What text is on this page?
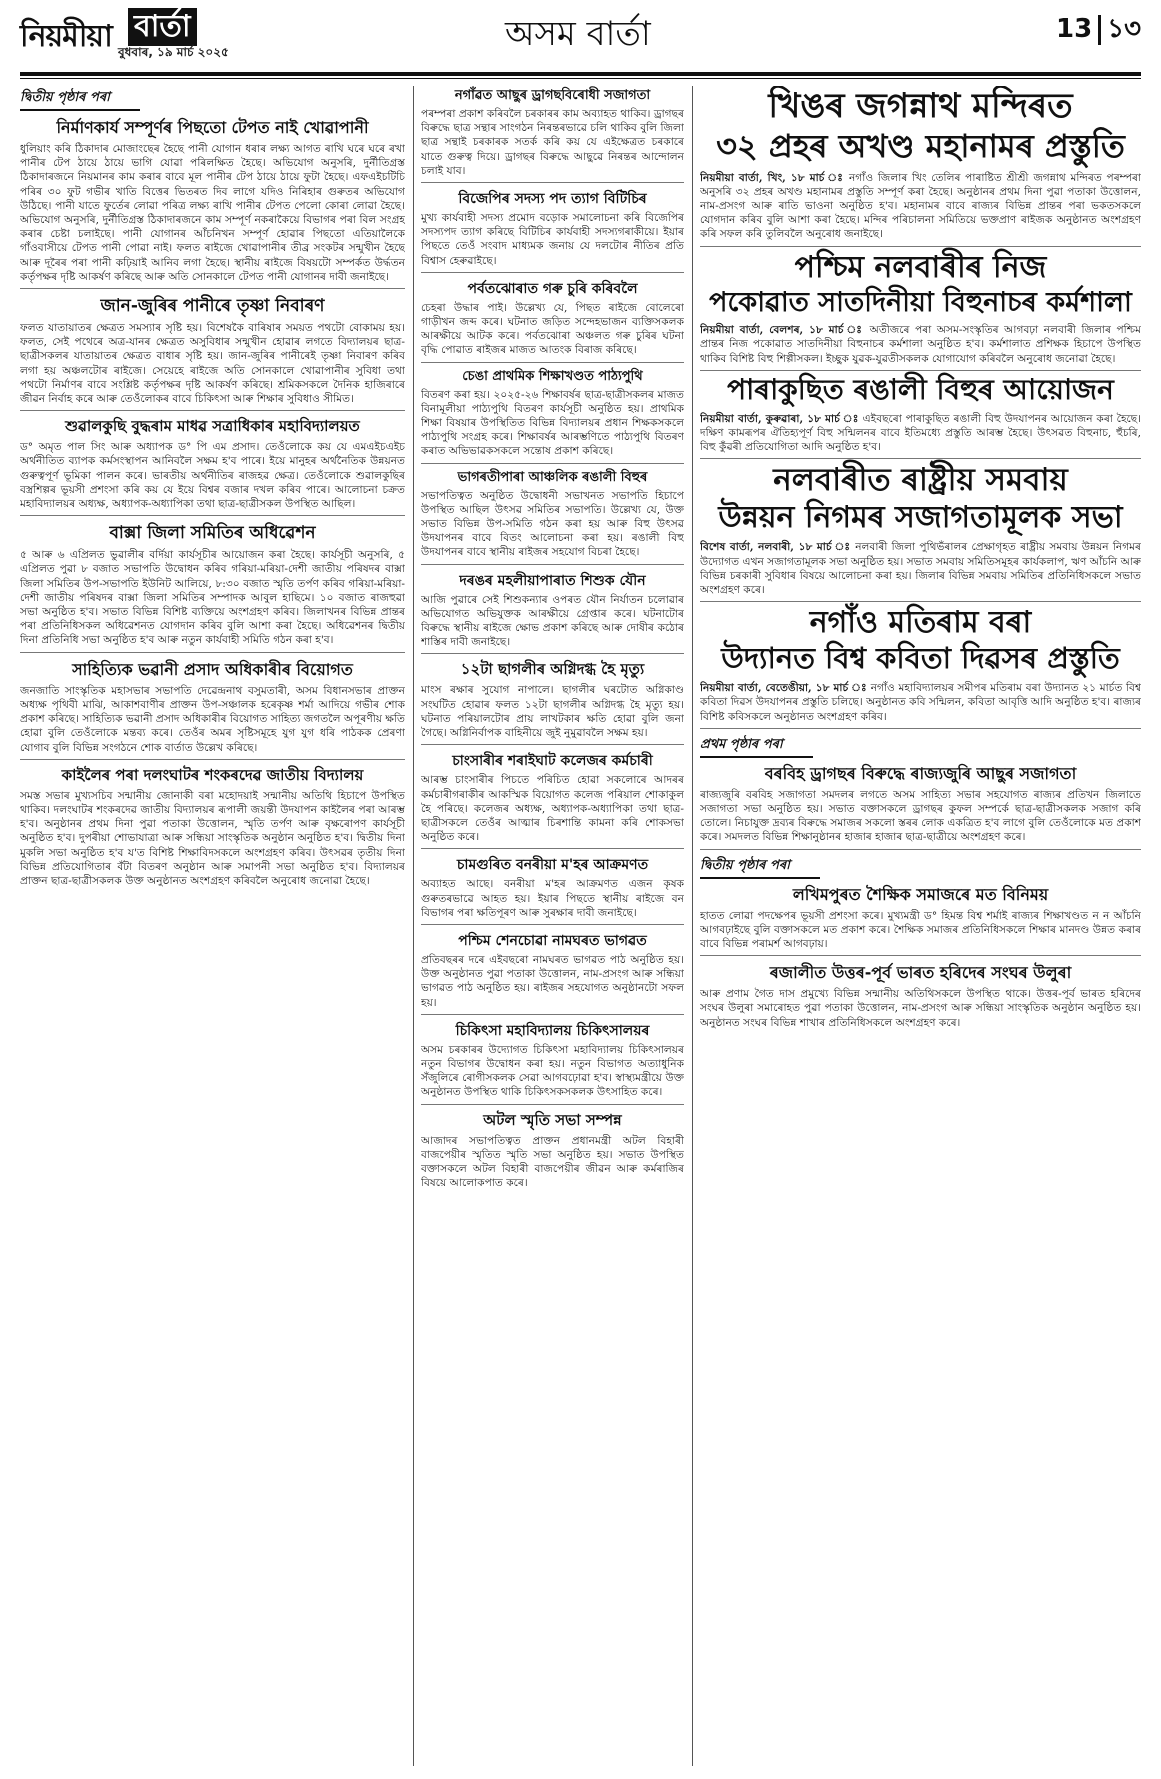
নিয়মীয়া বাৰ্তা
বুধবাৰ, ১৯ মাৰ্চ ২০২৫	অসম বাৰ্তা	13 ১৩
দ্বিতীয় পৃষ্ঠাৰ পৰা
নিৰ্মাণকাৰ্য সম্পূৰ্ণৰ পিছতো টেপত নাই খোৱাপানী

ধুলিয়াং কৰি ঠিকাদাৰ মোজাংছেৰ হৈছে পানী যোগান ধৰাৰ লক্ষ্য আগত ৰাখি ঘৰে ঘৰে ৰখা পানীৰ টেপ ঠায়ে ঠায়ে ভাগি যোৱা পৰিলক্ষিত হৈছে। অভিযোগ অনুসৰি, দুৰ্নীতিগ্ৰস্ত ঠিকাদাৰজনে নিয়মানৰ কাম কৰাৰ বাবে মূল পানীৰ টেপ ঠায়ে ঠায়ে ফুটা হৈছে। এফএইচটিচি পৰিৰ ৩০ ফুট গভীৰ খাতি বিত্তেৰ ভিতৰত দিব লাগে যদিও নিৰিহাৰ গুৰুতৰ অভিযোগ উঠিছে। পানী যাতে ফুৰ্তেৰ লোৱা পৰিত্ৰ লক্ষ্য ৰাখি পানীৰ টেপত পেলো কোৰা লোৱা হৈছে। অভিযোগ অনুসৰি, দুৰ্নীতিগ্ৰস্ত ঠিকাদাৰজনে কাম সম্পূৰ্ণ নকৰাকৈয়ে বিভাগৰ পৰা বিল সংগ্ৰহ কৰাৰ চেষ্টা চলাইছে। পানী যোগানৰ আঁচনিখন সম্পূৰ্ণ হোৱাৰ পিছতো এতিয়ালৈকে গাঁওবাসীয়ে টেপত পানী পোৱা নাই। ফলত ৰাইজে খোৱাপানীৰ তীব্ৰ সংকটৰ সন্মুখীন হৈছে আৰু দূৰৈৰ পৰা পানী কঢ়িয়াই আনিব লগা হৈছে। স্থানীয় ৰাইজে বিষয়টো সম্পৰ্কত উৰ্দ্ধতন কৰ্তৃপক্ষৰ দৃষ্টি আকৰ্ষণ কৰিছে আৰু অতি সোনকালে টেপত পানী যোগানৰ দাবী জনাইছে।

জান-জুৰিৰ পানীৰে তৃষ্ণা নিবাৰণ

ফলত যাতায়াতৰ ক্ষেত্ৰত সমস্যাৰ সৃষ্টি হয়। বিশেষকৈ বাৰিষাৰ সময়ত পথটো বোকাময় হয়। ফলত, সেই পথেৰে অত্ৰ-যানৰ ক্ষেত্ৰত অসুবিধাৰ সন্মুখীন হোৱাৰ লগতে বিদ্যালয়ৰ ছাত্ৰ-ছাত্ৰীসকলৰ যাতায়াতৰ ক্ষেত্ৰত বাধাৰ সৃষ্টি হয়। জান-জুৰিৰ পানীৰেই তৃষ্ণা নিবাৰণ কৰিব লগা হয় অঞ্চলটোৰ ৰাইজে। সেয়েহে ৰাইজে অতি সোনকালে খোৱাপানীৰ সুবিধা তথা পথটো নিৰ্মাণৰ বাবে সংশ্লিষ্ট কৰ্তৃপক্ষৰ দৃষ্টি আকৰ্ষণ কৰিছে। শ্ৰমিকসকলে দৈনিক হাজিৰাৰে জীৱন নিৰ্বাহ কৰে আৰু তেওঁলোকৰ বাবে চিকিৎসা আৰু শিক্ষাৰ সুবিধাও সীমিত।

শুৱালকুছি বুদ্ধৰাম মাধৱ সত্ৰাধিকাৰ মহাবিদ্যালয়ত

ড° অমৃত পাল সিং আৰু অধ্যাপক ড° পি এম প্ৰসাদ। তেওঁলোকে কয় যে এমএইচএইচ অৰ্থনীতিত ব্যাপক কৰ্মসংস্থাপন আনিবলৈ সক্ষম হ'ব পাৰে। ইয়ে মানুহৰ অৰ্থনৈতিক উন্নয়নত গুৰুত্বপূৰ্ণ ভূমিকা পালন কৰে। ভাৰতীয় অৰ্থনীতিৰ ৰাজহৱ ক্ষেত্ৰ। তেওঁলোকে শুৱালকুছিৰ বস্ত্ৰশিল্পৰ ভূয়সী প্ৰশংসা কৰি কয় যে ইয়ে বিশ্বৰ বজাৰ দখল কৰিব পাৰে। আলোচনা চক্ৰত মহাবিদ্যালয়ৰ অধ্যক্ষ, অধ্যাপক-অধ্যাপিকা তথা ছাত্ৰ-ছাত্ৰীসকল উপস্থিত আছিল।

বাক্সা জিলা সমিতিৰ অধিৱেশন

৫ আৰু ৬ এপ্ৰিলত ভুৱালীৰ বৰ্দিয়া কাৰ্যসূচীৰ আয়োজন কৰা হৈছে। কাৰ্যসূচী অনুসৰি, ৫ এপ্ৰিলত পুৱা ৮ বজাত সভাপতি উদ্বোধন কৰিব গৰিয়া-মৰিয়া-দেশী জাতীয় পৰিষদৰ বাক্সা জিলা সমিতিৰ উপ-সভাপতি ইউনিট আলিয়ে, ৮:৩০ বজাত স্মৃতি তৰ্পণ কৰিব গৰিয়া-মৰিয়া-দেশী জাতীয় পৰিষদৰ বাক্সা জিলা সমিতিৰ সম্পাদক আবুল হাছিমে। ১০ বজাত ৰাজহুৱা সভা অনুষ্ঠিত হ'ব। সভাত বিভিন্ন বিশিষ্ট ব্যক্তিয়ে অংশগ্ৰহণ কৰিব। জিলাখনৰ বিভিন্ন প্ৰান্তৰ পৰা প্ৰতিনিধিসকল অধিৱেশনত যোগদান কৰিব বুলি আশা কৰা হৈছে। অধিৱেশনৰ দ্বিতীয় দিনা প্ৰতিনিধি সভা অনুষ্ঠিত হ'ব আৰু নতুন কাৰ্যবাহী সমিতি গঠন কৰা হ'ব।

সাহিত্যিক ভৱানী প্ৰসাদ অধিকাৰীৰ বিয়োগত

জনজাতি সাংস্কৃতিক মহাসভাৰ সভাপতি দেৱেন্দ্ৰনাথ বসুমতাৰী, অসম বিধানসভাৰ প্ৰাক্তন অধ্যক্ষ পৃথিবী মাঝি, আকাশবাণীৰ প্ৰাক্তন উপ-সঞ্চালক হৰেকৃষ্ণ শৰ্মা আদিয়ে গভীৰ শোক প্ৰকাশ কৰিছে। সাহিত্যিক ভৱানী প্ৰসাদ অধিকাৰীৰ বিয়োগত সাহিত্য জগতলৈ অপূৰণীয় ক্ষতি হোৱা বুলি তেওঁলোকে মন্তব্য কৰে। তেওঁৰ অমৰ সৃষ্টিসমূহে যুগ যুগ ধৰি পাঠকক প্ৰেৰণা যোগাব বুলি বিভিন্ন সংগঠনে শোক বাৰ্তাত উল্লেখ কৰিছে।

কাইলৈৰ পৰা দলংঘাটৰ শংকৰদেৱ জাতীয় বিদ্যালয়

সমস্ত সভাৰ মুখ্যসচিব সন্মানীয় জোনাকী বৰা মহোদয়াই সন্মানীয় অতিথি হিচাপে উপস্থিত থাকিব। দলংঘাটৰ শংকৰদেৱ জাতীয় বিদ্যালয়ৰ ৰূপালী জয়ন্তী উদযাপন কাইলৈৰ পৰা আৰম্ভ হ'ব। অনুষ্ঠানৰ প্ৰথম দিনা পুৱা পতাকা উত্তোলন, স্মৃতি তৰ্পণ আৰু বৃক্ষৰোপণ কাৰ্যসূচী অনুষ্ঠিত হ'ব। দুপৰীয়া শোভাযাত্ৰা আৰু সন্ধিয়া সাংস্কৃতিক অনুষ্ঠান অনুষ্ঠিত হ'ব। দ্বিতীয় দিনা মুকলি সভা অনুষ্ঠিত হ'ব য'ত বিশিষ্ট শিক্ষাবিদসকলে অংশগ্ৰহণ কৰিব। উৎসৱৰ তৃতীয় দিনা বিভিন্ন প্ৰতিযোগিতাৰ বঁটা বিতৰণ অনুষ্ঠান আৰু সমাপনী সভা অনুষ্ঠিত হ'ব। বিদ্যালয়ৰ প্ৰাক্তন ছাত্ৰ-ছাত্ৰীসকলক উক্ত অনুষ্ঠানত অংশগ্ৰহণ কৰিবলৈ অনুৰোধ জনোৱা হৈছে।

নগাঁৱত আছুৰ ড্ৰাগছবিৰোধী সজাগতা

পৰম্পৰা প্ৰকাশ কৰিবলৈ চৰকাৰৰ কাম অব্যাহত থাকিব। ড্ৰাগছৰ বিৰুদ্ধে ছাত্ৰ সন্থাৰ সাংগঠন নিৰন্তৰভাৱে চলি থাকিব বুলি জিলা ছাত্ৰ সন্থাই চৰকাৰক সতৰ্ক কৰি কয় যে এইক্ষেত্ৰত চৰকাৰে যাতে গুৰুত্ব দিয়ে। ড্ৰাগছৰ বিৰুদ্ধে আছুৱে নিৰন্তৰ আন্দোলন চলাই যাব।

বিজেপিৰ সদস্য পদ ত্যাগ বিটিচিৰ

মুখ্য কাৰ্যবাহী সদস্য প্ৰমোদ বড়োক সমালোচনা কৰি বিজেপিৰ সদস্যপদ ত্যাগ কৰিছে বিটিচিৰ কাৰ্যবাহী সদস্যগৰাকীয়ে। ইয়াৰ পিছতে তেওঁ সংবাদ মাধ্যমক জনায় যে দলটোৰ নীতিৰ প্ৰতি বিশ্বাস হেৰুৱাইছে।

পৰ্বতঝোৰাত গৰু চুৰি কৰিবলৈ

চেহৰা উদ্ধাৰ পাই। উল্লেখ্য যে, পিছত ৰাইজে বোলেৰো গাড়ীখন জব্দ কৰে। ঘটনাত জড়িত সন্দেহভাজন ব্যক্তিসকলক আৰক্ষীয়ে আটক কৰে। পৰ্বতঝোৰা অঞ্চলত গৰু চুৰিৰ ঘটনা বৃদ্ধি পোৱাত ৰাইজৰ মাজত আতংক বিৰাজ কৰিছে।

চেঙা প্ৰাথমিক শিক্ষাখণ্ডত পাঠ্যপুথি

বিতৰণ কৰা হয়। ২০২৫-২৬ শিক্ষাবৰ্ষৰ ছাত্ৰ-ছাত্ৰীসকলৰ মাজত বিনামূলীয়া পাঠ্যপুথি বিতৰণ কাৰ্যসূচী অনুষ্ঠিত হয়। প্ৰাথমিক শিক্ষা বিষয়াৰ উপস্থিতিত বিভিন্ন বিদ্যালয়ৰ প্ৰধান শিক্ষকসকলে পাঠ্যপুথি সংগ্ৰহ কৰে। শিক্ষাবৰ্ষৰ আৰম্ভণিতে পাঠ্যপুথি বিতৰণ কৰাত অভিভাৱকসকলে সন্তোষ প্ৰকাশ কৰিছে।

ভাগৰতীপাৰা আঞ্চলিক ৰঙালী বিহুৰ

সভাপতিত্বত অনুষ্ঠিত উদ্বোধনী সভাখনত সভাপতি হিচাপে উপস্থিত আছিল উৎসৱ সমিতিৰ সভাপতি। উল্লেখ্য যে, উক্ত সভাত বিভিন্ন উপ-সমিতি গঠন কৰা হয় আৰু বিহু উৎসৱ উদযাপনৰ বাবে বিতং আলোচনা কৰা হয়। ৰঙালী বিহু উদযাপনৰ বাবে স্থানীয় ৰাইজৰ সহযোগ বিচৰা হৈছে।

দৰঙৰ মহলীয়াপাৰাত শিশুক যৌন

আজি পুৱাৰে সেই শিশুকন্যাৰ ওপৰত যৌন নিৰ্যাতন চলোৱাৰ অভিযোগত অভিযুক্তক আৰক্ষীয়ে গ্ৰেপ্তাৰ কৰে। ঘটনাটোৰ বিৰুদ্ধে স্থানীয় ৰাইজে ক্ষোভ প্ৰকাশ কৰিছে আৰু দোষীৰ কঠোৰ শাস্তিৰ দাবী জনাইছে।

১২টা ছাগলীৰ অগ্নিদগ্ধ হৈ মৃত্যু

মাংস ৰক্ষাৰ সুযোগ নাপালে। ছাগলীৰ ঘৰটোত অগ্নিকাণ্ড সংঘটিত হোৱাৰ ফলত ১২টা ছাগলীৰ অগ্নিদগ্ধ হৈ মৃত্যু হয়। ঘটনাত পৰিয়ালটোৰ প্ৰায় লাখটকাৰ ক্ষতি হোৱা বুলি জনা গৈছে। অগ্নিনিৰ্বাপক বাহিনীয়ে জুই নুমুৱাবলৈ সক্ষম হয়।

চাংসাৰীৰ শৰাইঘাট কলেজৰ কৰ্মচাৰী

আৰম্ভ চাংসাৰীৰ পিচতে পৰিচিত হোৱা সকলোৰে আদৰৰ কৰ্মচাৰীগৰাকীৰ আকস্মিক বিয়োগত কলেজ পৰিয়াল শোকাকুল হৈ পৰিছে। কলেজৰ অধ্যক্ষ, অধ্যাপক-অধ্যাপিকা তথা ছাত্ৰ-ছাত্ৰীসকলে তেওঁৰ আত্মাৰ চিৰশান্তি কামনা কৰি শোকসভা অনুষ্ঠিত কৰে।

চামগুৰিত বনৰীয়া ম'হৰ আক্ৰমণত

অব্যাহত আছে। বনৰীয়া ম'হৰ আক্ৰমণত এজন কৃষক গুৰুতৰভাৱে আহত হয়। ইয়াৰ পিছতে স্থানীয় ৰাইজে বন বিভাগৰ পৰা ক্ষতিপূৰণ আৰু সুৰক্ষাৰ দাবী জনাইছে।

পশ্চিম শেনচোৱা নামঘৰত ভাগৱত

প্ৰতিবছৰৰ দৰে এইবছৰো নামঘৰত ভাগৱত পাঠ অনুষ্ঠিত হয়। উক্ত অনুষ্ঠানত পুৱা পতাকা উত্তোলন, নাম-প্ৰসংগ আৰু সন্ধিয়া ভাগৱত পাঠ অনুষ্ঠিত হয়। ৰাইজৰ সহযোগত অনুষ্ঠানটো সফল হয়।

চিকিৎসা মহাবিদ্যালয় চিকিৎসালয়ৰ

অসম চৰকাৰৰ উদ্যোগত চিকিৎসা মহাবিদ্যালয় চিকিৎসালয়ৰ নতুন বিভাগৰ উদ্বোধন কৰা হয়। নতুন বিভাগত অত্যাধুনিক সঁজুলিৰে ৰোগীসকলক সেৱা আগবঢ়োৱা হ'ব। স্বাস্থ্যমন্ত্ৰীয়ে উক্ত অনুষ্ঠানত উপস্থিত থাকি চিকিৎসকসকলক উৎসাহিত কৰে।

অটল স্মৃতি সভা সম্পন্ন

আজাদৰ সভাপতিত্বত প্ৰাক্তন প্ৰধানমন্ত্ৰী অটল বিহাৰী বাজপেয়ীৰ স্মৃতিত স্মৃতি সভা অনুষ্ঠিত হয়। সভাত উপস্থিত বক্তাসকলে অটল বিহাৰী বাজপেয়ীৰ জীৱন আৰু কৰ্মৰাজিৰ বিষয়ে আলোকপাত কৰে।

খিঙৰ জগন্নাথ মন্দিৰত
৩২ প্ৰহৰ অখণ্ড মহানামৰ প্ৰস্তুতি

নিয়মীয়া বাৰ্তা, খিং, ১৮ মাৰ্চ ঃ নগাঁও জিলাৰ খিং তেলিৰ পাৰাষ্টিত শ্ৰীশ্ৰী জগন্নাথ মন্দিৰত পৰম্পৰা অনুসৰি ৩২ প্ৰহৰ অখণ্ড মহানামৰ প্ৰস্তুতি সম্পূৰ্ণ কৰা হৈছে। অনুষ্ঠানৰ প্ৰথম দিনা পুৱা পতাকা উত্তোলন, নাম-প্ৰসংগ আৰু ৰাতি ভাওনা অনুষ্ঠিত হ'ব। মহানামৰ বাবে ৰাজ্যৰ বিভিন্ন প্ৰান্তৰ পৰা ভকতসকলে যোগদান কৰিব বুলি আশা কৰা হৈছে। মন্দিৰ পৰিচালনা সমিতিয়ে ভক্তপ্ৰাণ ৰাইজক অনুষ্ঠানত অংশগ্ৰহণ কৰি সফল কৰি তুলিবলৈ অনুৰোধ জনাইছে।

পশ্চিম নলবাৰীৰ নিজ
পকোৱাত সাতদিনীয়া বিহুনাচৰ কৰ্মশালা

নিয়মীয়া বাৰ্তা, বেলশৰ, ১৮ মাৰ্চ ঃ অতীজৰে পৰা অসম-সংস্কৃতিৰ আগবঢ়া নলবাৰী জিলাৰ পশ্চিম প্ৰান্তৰ নিজ পকোৱাত সাতদিনীয়া বিহুনাচৰ কৰ্মশালা অনুষ্ঠিত হ'ব। কৰ্মশালাত প্ৰশিক্ষক হিচাপে উপস্থিত থাকিব বিশিষ্ট বিহু শিল্পীসকল। ইচ্ছুক যুৱক-যুৱতীসকলক যোগাযোগ কৰিবলৈ অনুৰোধ জনোৱা হৈছে।

পাৰাকুছিত ৰঙালী বিহুৰ আয়োজন

নিয়মীয়া বাৰ্তা, কুৰুৱাৰা, ১৮ মাৰ্চ ঃ এইবছৰো পাৰাকুছিত ৰঙালী বিহু উদযাপনৰ আয়োজন কৰা হৈছে। দক্ষিণ কামৰূপৰ ঐতিহ্যপূৰ্ণ বিহু সন্মিলনৰ বাবে ইতিমধ্যে প্ৰস্তুতি আৰম্ভ হৈছে। উৎসৱত বিহুনাচ, হুঁচৰি, বিহু কুঁৱৰী প্ৰতিযোগিতা আদি অনুষ্ঠিত হ'ব।

নলবাৰীত ৰাষ্ট্ৰীয় সমবায়
উন্নয়ন নিগমৰ সজাগতামূলক সভা

বিশেষ বাৰ্তা, নলবাৰী, ১৮ মাৰ্চ ঃ নলবাৰী জিলা পুথিভঁৰালৰ প্ৰেক্ষাগৃহত ৰাষ্ট্ৰীয় সমবায় উন্নয়ন নিগমৰ উদ্যোগত এখন সজাগতামূলক সভা অনুষ্ঠিত হয়। সভাত সমবায় সমিতিসমূহৰ কাৰ্যকলাপ, ঋণ আঁচনি আৰু বিভিন্ন চৰকাৰী সুবিধাৰ বিষয়ে আলোচনা কৰা হয়। জিলাৰ বিভিন্ন সমবায় সমিতিৰ প্ৰতিনিধিসকলে সভাত অংশগ্ৰহণ কৰে।

নগাঁও মতিৰাম বৰা
উদ্যানত বিশ্ব কবিতা দিৱসৰ প্ৰস্তুতি

নিয়মীয়া বাৰ্তা, বেতেঙীয়া, ১৮ মাৰ্চ ঃ নগাঁও মহাবিদ্যালয়ৰ সমীপৰ মতিৰাম বৰা উদ্যানত ২১ মাৰ্চত বিশ্ব কবিতা দিৱস উদযাপনৰ প্ৰস্তুতি চলিছে। অনুষ্ঠানত কবি সন্মিলন, কবিতা আবৃত্তি আদি অনুষ্ঠিত হ'ব। ৰাজ্যৰ বিশিষ্ট কবিসকলে অনুষ্ঠানত অংশগ্ৰহণ কৰিব।

প্ৰথম পৃষ্ঠাৰ পৰা
বৰবিহ ড্ৰাগছৰ বিৰুদ্ধে ৰাজ্যজুৰি আছুৰ সজাগতা

ৰাজ্যজুৰি বৰবিহ সজাগতা সমদলৰ লগতে অসম সাহিত্য সভাৰ সহযোগত ৰাজ্যৰ প্ৰতিখন জিলাতে সজাগতা সভা অনুষ্ঠিত হয়। সভাত বক্তাসকলে ড্ৰাগছৰ কুফল সম্পৰ্কে ছাত্ৰ-ছাত্ৰীসকলক সজাগ কৰি তোলে। নিচাযুক্ত দ্ৰব্যৰ বিৰুদ্ধে সমাজৰ সকলো স্তৰৰ লোক একত্ৰিত হ'ব লাগে বুলি তেওঁলোকে মত প্ৰকাশ কৰে। সমদলত বিভিন্ন শিক্ষানুষ্ঠানৰ হাজাৰ হাজাৰ ছাত্ৰ-ছাত্ৰীয়ে অংশগ্ৰহণ কৰে।

দ্বিতীয় পৃষ্ঠাৰ পৰা
লখিমপুৰত শৈক্ষিক সমাজৰে মত বিনিময়

হাতত লোৱা পদক্ষেপৰ ভূয়সী প্ৰশংসা কৰে। মুখ্যমন্ত্ৰী ড° হিমন্ত বিশ্ব শৰ্মাই ৰাজ্যৰ শিক্ষাখণ্ডত ন ন আঁচনি আগবঢ়াইছে বুলি বক্তাসকলে মত প্ৰকাশ কৰে। শৈক্ষিক সমাজৰ প্ৰতিনিধিসকলে শিক্ষাৰ মানদণ্ড উন্নত কৰাৰ বাবে বিভিন্ন পৰামৰ্শ আগবঢ়ায়।

ৰজালীত উত্তৰ-পূৰ্ব ভাৰত হৰিদেৰ সংঘৰ উলুৰা

আৰু প্ৰণাম গৈত দাস প্ৰমুখ্যে বিভিন্ন সন্মানীয় অতিথিসকলে উপস্থিত থাকে। উত্তৰ-পূৰ্ব ভাৰত হৰিদেৰ সংঘৰ উলুৰা সমাৰোহত পুৱা পতাকা উত্তোলন, নাম-প্ৰসংগ আৰু সন্ধিয়া সাংস্কৃতিক অনুষ্ঠান অনুষ্ঠিত হয়। অনুষ্ঠানত সংঘৰ বিভিন্ন শাখাৰ প্ৰতিনিধিসকলে অংশগ্ৰহণ কৰে।
